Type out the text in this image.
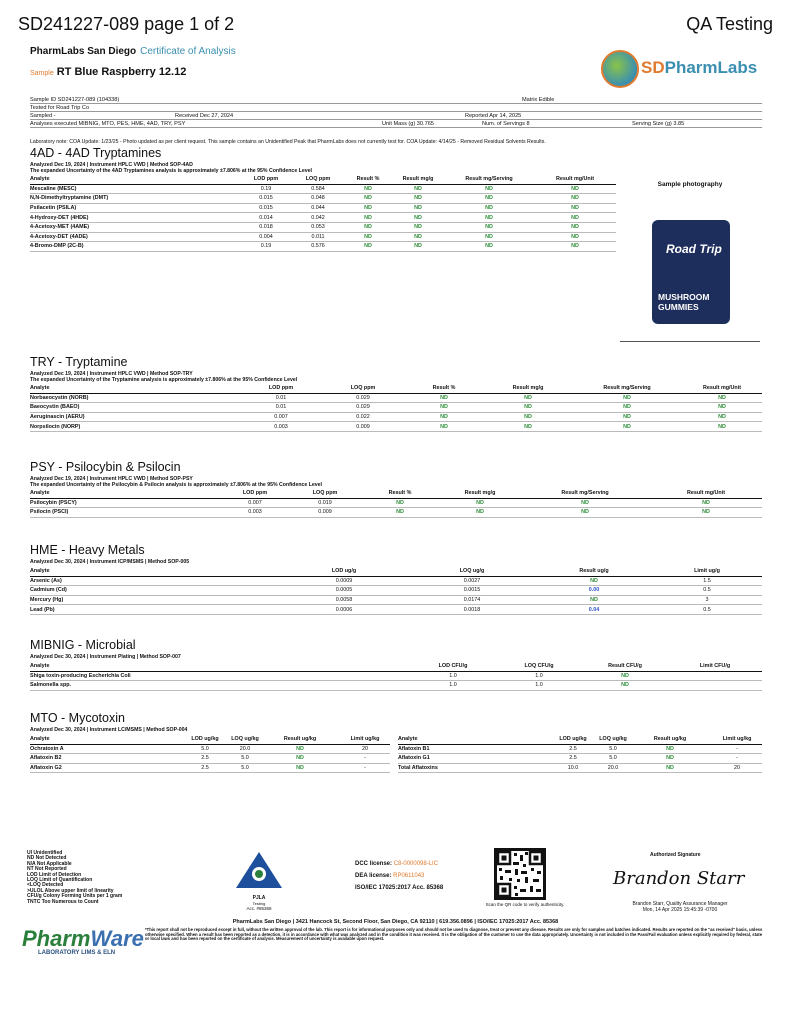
SD241227-089 page 1 of 2	QA Testing
PharmLabs San Diego Certificate of Analysis
Sample RT Blue Raspberry 12.12	SDPharmLabs
Sample ID SD241227-089 (104338)	Matrix Edible
Tested for Road Trip Co
Sampled -	Received Dec 27, 2024	Reported Apr 14, 2025
Analyses executed MIBNIG, MTO, PES, HME, 4AD, TRY, PSY	Unit Mass (g) 30.765	Num. of Servings 8	Serving Size (g) 3.85
Laboratory note: COA Update: 1/23/25 - Photo updated as per client request. This sample contains an Unidentified Peak that PharmLabs does not currently test for. COA Update: 4/14/25 - Removed Residual Solvents Results.
4AD - 4AD Tryptamines
Analyzed Dec 19, 2024 | Instrument HPLC VWD | Method SOP-4AD
The expanded Uncertainty of the 4AD Tryptamines analysis is approximately ±7.806% at the 95% Confidence Level
Analyte	LOD ppm	LOQ ppm	Result %	Result mg/g	Result mg/Serving	Result mg/Unit
Mescaline (MESC)	0.19	0.584	ND	ND	ND	ND
N,N-Dimethyltryptamine (DMT)	0.015	0.048	ND	ND	ND	ND
Psilacetin (PSILA)	0.015	0.044	ND	ND	ND	ND
4-Hydroxy-DET (4HDE)	0.014	0.042	ND	ND	ND	ND
4-Acetoxy-MET (4AME)	0.018	0.053	ND	ND	ND	ND
4-Acetoxy-DET (4ADE)	0.004	0.011	ND	ND	ND	ND
4-Bromo-DMP (2C-B)	0.19	0.576	ND	ND	ND	ND
Sample photography
Road Trip
MUSHROOM GUMMIES
TRY - Tryptamine
Analyzed Dec 19, 2024 | Instrument HPLC VWD | Method SOP-TRY
The expanded Uncertainty of the Tryptamine analysis is approximately ±7.806% at the 95% Confidence Level
Analyte	LOD ppm	LOQ ppm	Result %	Result mg/g	Result mg/Serving	Result mg/Unit
Norbaeocystin (NORB)	0.01	0.029	ND	ND	ND	ND
Baeocystin (BAEO)	0.01	0.029	ND	ND	ND	ND
Aeruginascin (AERU)	0.007	0.022	ND	ND	ND	ND
Norpsilocin (NORP)	0.003	0.009	ND	ND	ND	ND
PSY - Psilocybin & Psilocin
Analyzed Dec 19, 2024 | Instrument HPLC VWD | Method SOP-PSY
The expanded Uncertainty of the Psilocybin & Psilocin analysis is approximately ±7.806% at the 95% Confidence Level
Analyte	LOD ppm	LOQ ppm	Result %	Result mg/g	Result mg/Serving	Result mg/Unit
Psilocybin (PSCY)	0.007	0.019	ND	ND	ND	ND
Psilocin (PSCI)	0.003	0.009	ND	ND	ND	ND
HME - Heavy Metals
Analyzed Dec 30, 2024 | Instrument ICP/MSMS | Method SOP-005
Analyte	LOD ug/g	LOQ ug/g	Result ug/g	Limit ug/g
Arsenic (As)	0.0009	0.0027	ND	1.5
Cadmium (Cd)	0.0005	0.0015	0.00	0.5
Mercury (Hg)	0.0058	0.0174	ND	3
Lead (Pb)	0.0006	0.0018	0.04	0.5
MIBNIG - Microbial
Analyzed Dec 30, 2024 | Instrument Plating | Method SOP-007
Analyte	LOD CFU/g	LOQ CFU/g	Result CFU/g	Limit CFU/g
Shiga toxin-producing Escherichia Coli	1.0	1.0	ND	
Salmonella spp.	1.0	1.0	ND	
MTO - Mycotoxin
Analyzed Dec 30, 2024 | Instrument LC/MSMS | Method SOP-004
Analyte	LOD ug/kg	LOQ ug/kg	Result ug/kg	Limit ug/kg
Ochratoxin A	5.0	20.0	ND	20
Aflatoxin B2	2.5	5.0	ND	-
Aflatoxin G2	2.5	5.0	ND	-
Analyte	LOD ug/kg	LOQ ug/kg	Result ug/kg	Limit ug/kg
Aflatoxin B1	2.5	5.0	ND	-
Aflatoxin G1	2.5	5.0	ND	-
Total Aflatoxins	10.0	20.0	ND	20
UI Unidentified
ND Not Detected
N/A Not Applicable
NT Not Reported
LOD Limit of Detection
LOQ Limit of Quantification
<LOQ Detected
>ULOL Above upper limit of linearity
CFU/g Colony Forming Units per 1 gram
TNTC Too Numerous to Count
PJLA
Testing
Acc. #85368
DCC license: C8-0000098-LIC
DEA license: RP0611043
ISO/IEC 17025:2017 Acc. 85368
Scan the QR code to verify authenticity.
Authorized Signature
Brandon Starr
Brandon Starr, Quality Assurance Manager
Mon, 14 Apr 2025 15:45:39 -0700
PharmLabs San Diego | 3421 Hancock St, Second Floor, San Diego, CA 92110 | 619.356.0896 | ISO/IEC 17025:2017 Acc. 85368
*This report shall not be reproduced except in full, without the written approval of the lab. This report is for informational purposes only and should not be used to diagnose, treat or prevent any disease. Results are only for samples and batches indicated. Results are reported on the "as received" basis, unless otherwise specified. When a result has been reported as a detection, it is in accordance with what was analyzed and in the condition it was received. It is the obligation of the customer to use the data appropriately. Uncertainty is not included in the Pass/Fail evaluation unless explicitly required by federal, state or local laws and has been reported on the certificate of analysis. Measurement of uncertainty is available upon request.
PharmWare
LABORATORY LIMS & ELN
